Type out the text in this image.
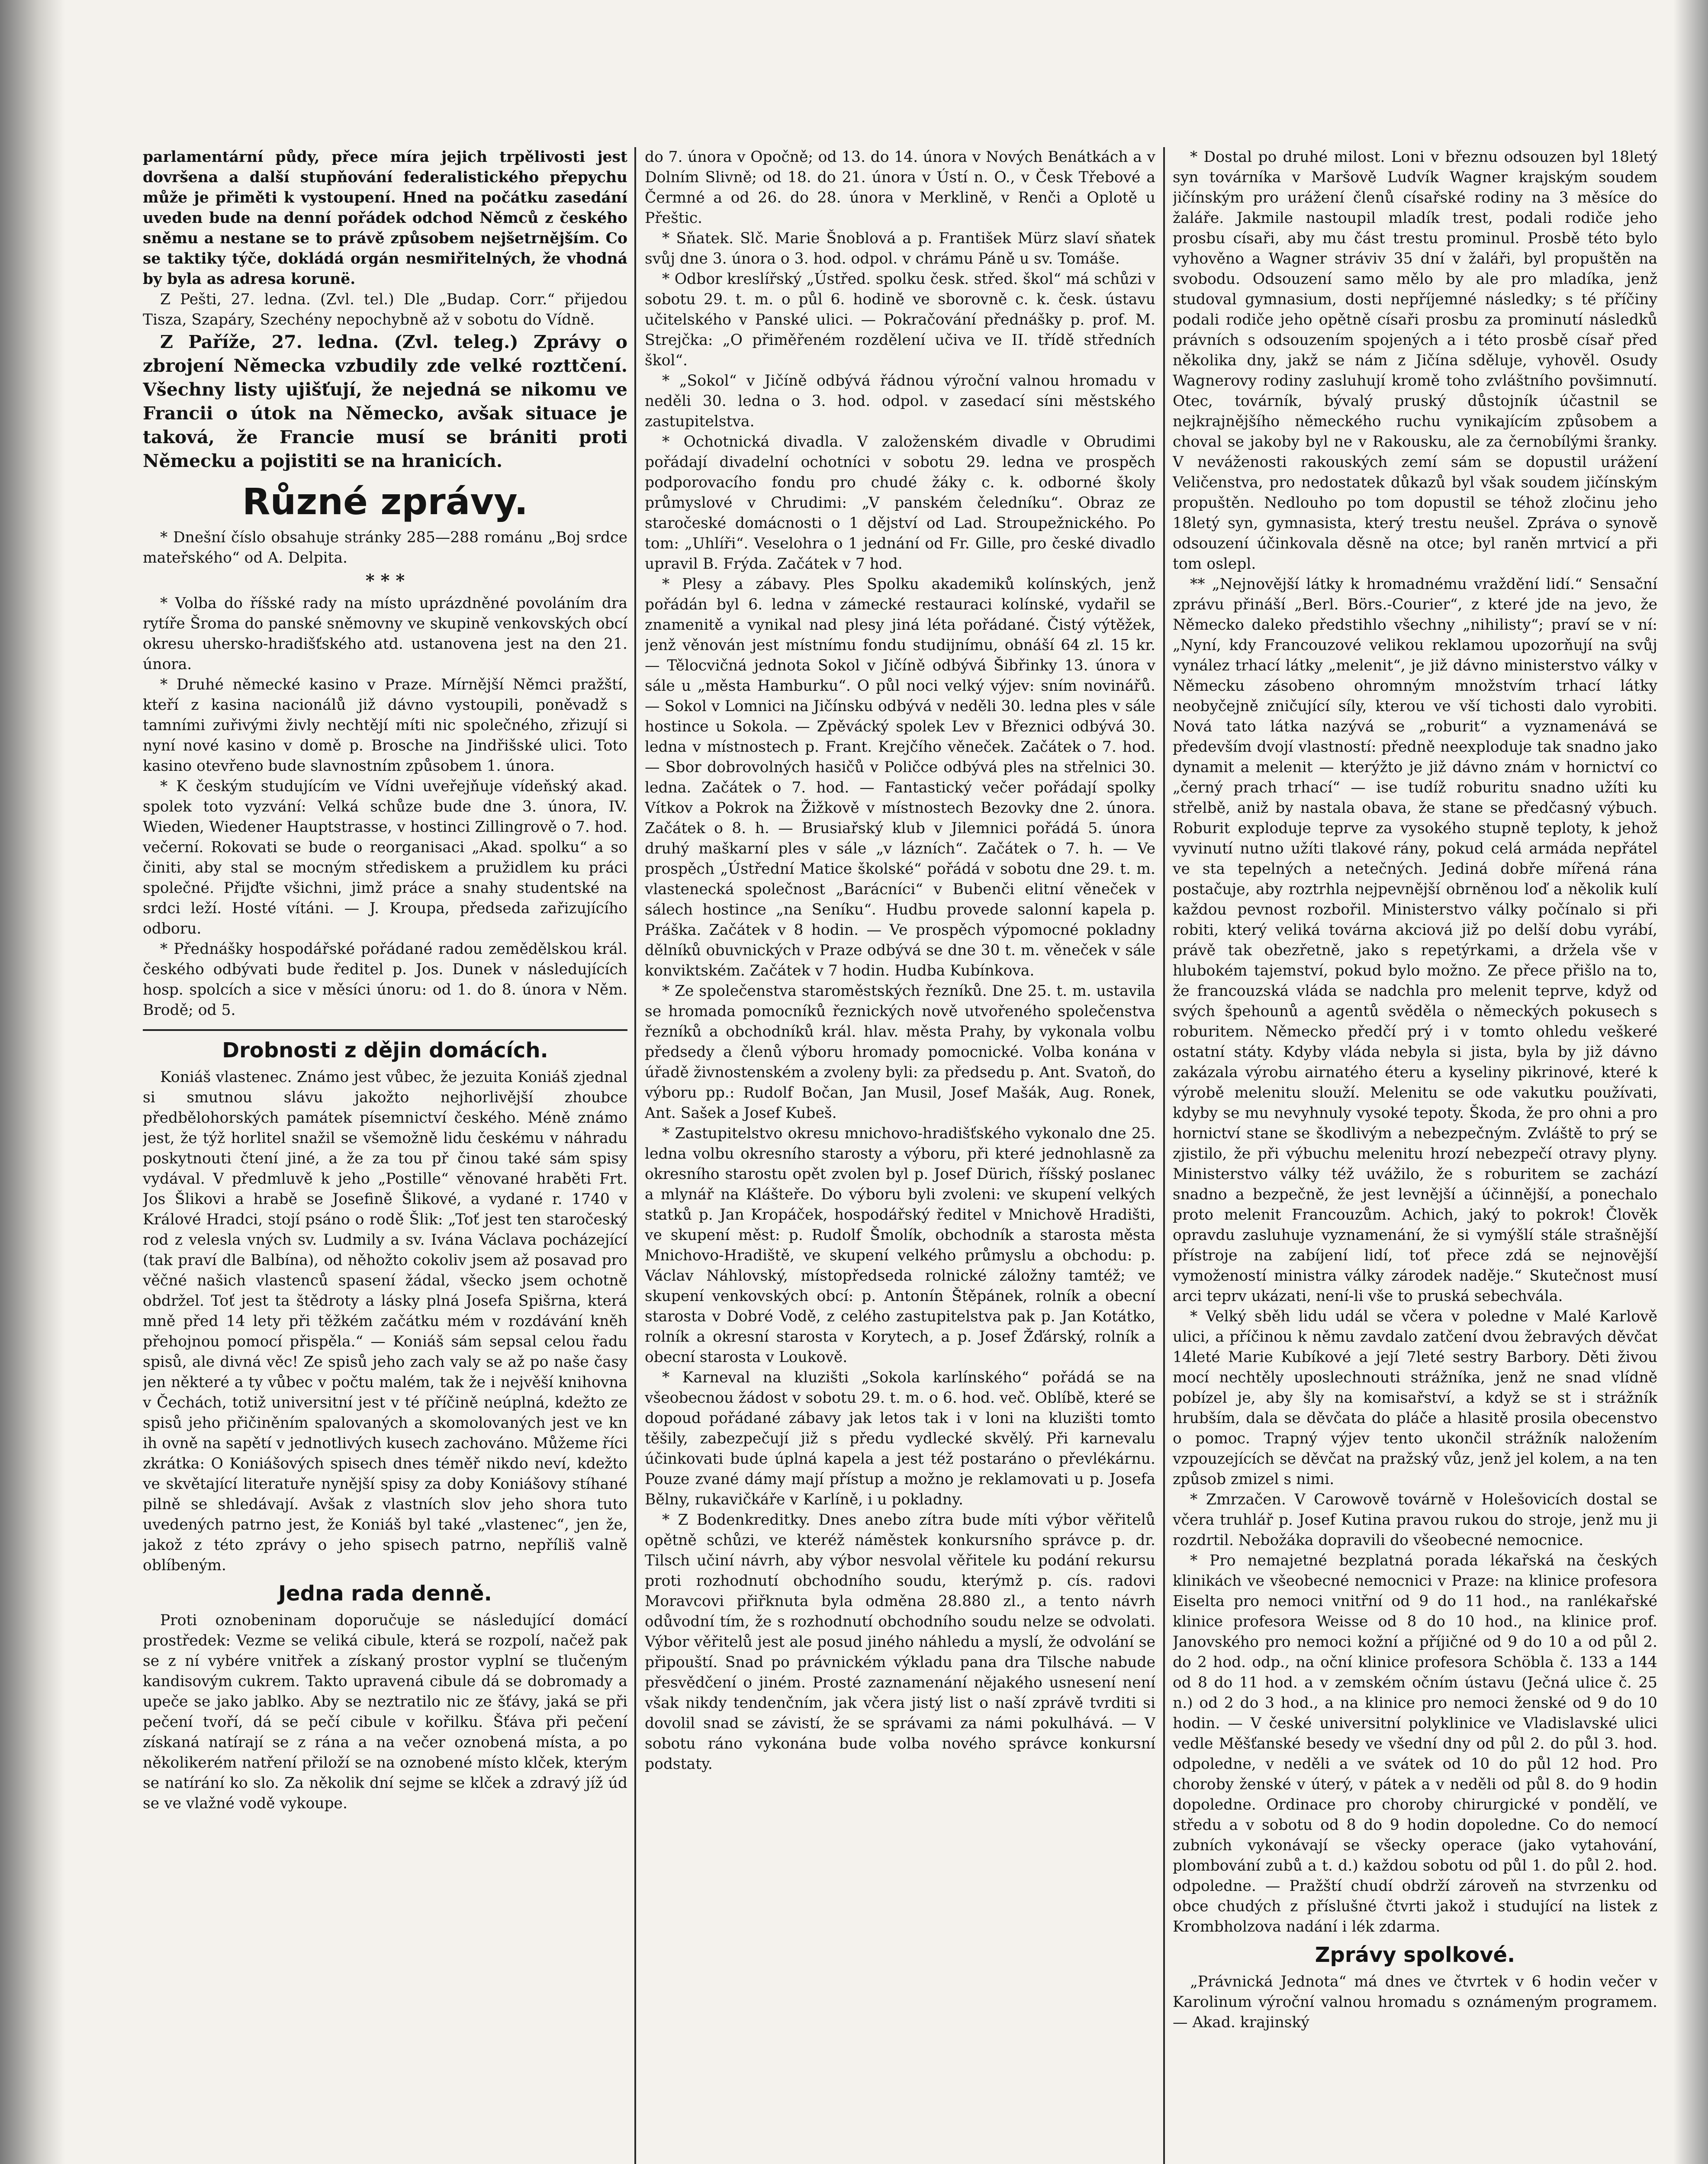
parlamentární půdy, přece míra jejich trpělivosti jest dovršena a další stupňování federalistického přepychu může je přiměti k vystoupení. Hned na počátku zasedání uveden bude na denní pořádek odchod Němců z českého sněmu a nestane se to právě způsobem nejšetrnějším. Co se taktiky týče, dokládá orgán nesmiřitelných, že vhodná by byla as adresa korunë.

Z Pešti, 27. ledna. (Zvl. tel.) Dle „Budap. Corr.“ přijedou Tisza, Szapáry, Szechény nepochybně až v sobotu do Vídně.

Z Paříže, 27. ledna. (Zvl. teleg.) Zprávy o zbrojení Německa vzbudily zde velké rozttčení. Všechny listy ujišťují, že nejedná se nikomu ve Francii o útok na Německo, avšak situace je taková, že Francie musí se brániti proti Německu a pojistiti se na hranicích.

Různé zprávy.

* Dnešní číslo obsahuje stránky 285—288 románu „Boj srdce mateřského“ od A. Delpita.

* * *

* Volba do říšské rady na místo uprázdněné povoláním dra rytíře Šroma do panské sněmovny ve skupině venkovských obcí okresu uhersko-hradišťského atd. ustanovena jest na den 21. února.

* Druhé německé kasino v Praze. Mírnější Němci pražští, kteří z kasina nacionálů již dávno vystoupili, poněvadž s tamními zuřivými živly nechtějí míti nic společného, zřizují si nyní nové kasino v domě p. Brosche na Jindřišské ulici. Toto kasino otevřeno bude slavnostním způsobem 1. února.

* K českým studujícím ve Vídni uveřejňuje vídeňský akad. spolek toto vyzvání: Velká schůze bude dne 3. února, IV. Wieden, Wiedener Hauptstrasse, v hostinci Zillingrově o 7. hod. večerní. Rokovati se bude o reorganisaci „Akad. spolku“ a so činiti, aby stal se mocným střediskem a pružidlem ku práci společné. Přijďte všichni, jimž práce a snahy studentské na srdci leží. Hosté vítáni. — J. Kroupa, předseda zařizujícího odboru.

* Přednášky hospodářské pořádané radou zemědělskou král. českého odbývati bude ředitel p. Jos. Dunek v následujících hosp. spolcích a sice v měsíci únoru: od 1. do 8. února v Něm. Brodě; od 5.

Drobnosti z dějin domácích.

Koniáš vlastenec. Známo jest vůbec, že jezuita Koniáš zjednal si smutnou slávu jakožto nejhorlivější zhoubce předbělohorských památek písemnictví českého. Méně známo jest, že týž horlitel snažil se všemožně lidu českému v náhradu poskytnouti čtení jiné, a že za tou př činou také sám spisy vydával. V předmluvě k jeho „Postille“ věnované hraběti Frt. Jos Šlikovi a hrabě se Josefině Šlikové, a vydané r. 1740 v Králové Hradci, stojí psáno o rodě Šlik: „Toť jest ten staročeský rod z velesla vných sv. Ludmily a sv. Ivána Václava pocházející (tak praví dle Balbína), od něhožto cokoliv jsem až posavad pro věčné našich vlastenců spasení žádal, všecko jsem ochotně obdržel. Toť jest ta štědroty a lásky plná Josefa Spišrna, která mně před 14 lety při těžkém začátku mém v rozdávání kněh přehojnou pomocí přispěla.“ — Koniáš sám sepsal celou řadu spisů, ale divná věc! Ze spisů jeho zach valy se až po naše časy jen některé a ty vůbec v počtu malém, tak že i nejvěší knihovna v Čechách, totiž universitní jest v té příčině neúplná, kdežto ze spisů jeho přičiněním spalovaných a skomolovaných jest ve kn ih ovně na sapětí v jednotlivých kusech zachováno. Můžeme říci zkrátka: O Koniášových spisech dnes téměř nikdo neví, kdežto ve skvětající literatuře nynější spisy za doby Koniášovy stíhané pilně se shledávají. Avšak z vlastních slov jeho shora tuto uvedených patrno jest, že Koniáš byl také „vlastenec“, jen že, jakož z této zprávy o jeho spisech patrno, nepříliš valně oblíbeným.

Jedna rada denně.

Proti oznobeninam doporučuje se následující domácí prostředek: Vezme se veliká cibule, která se rozpolí, načež pak se z ní vybére vnitřek a získaný prostor vyplní se tlučeným kandisovým cukrem. Takto upravená cibule dá se dobromady a upeče se jako jablko. Aby se neztratilo nic ze šťávy, jaká se při pečení tvoří, dá se pečí cibule v kořilku. Šťáva při pečení získaná natírají se z rána a na večer oznobená místa, a po několikerém natření přiloží se na oznobené místo klček, kterým se natírání ko slo. Za několik dní sejme se klček a zdravý jíž úd se ve vlažné vodě vykoupe.

do 7. února v Opočně; od 13. do 14. února v Nových Benátkách a v Dolním Slivně; od 18. do 21. února v Ústí n. O., v Česk Třebové a Čermné a od 26. do 28. února v Merklině, v Renči a Oplotě u Přeštic.

* Sňatek. Slč. Marie Šnoblová a p. František Mürz slaví sňatek svůj dne 3. února o 3. hod. odpol. v chrámu Páně u sv. Tomáše.

* Odbor kreslířský „Ústřed. spolku česk. střed. škol“ má schůzi v sobotu 29. t. m. o půl 6. hodině ve sborovně c. k. česk. ústavu učitelského v Panské ulici. — Pokračování přednášky p. prof. M. Strejčka: „O přiměřeném rozdělení učiva ve II. třídě středních škol“.

* „Sokol“ v Jičíně odbývá řádnou výroční valnou hromadu v neděli 30. ledna o 3. hod. odpol. v zasedací síni městského zastupitelstva.

* Ochotnická divadla. V založenském divadle v Obrudimi pořádají divadelní ochotníci v sobotu 29. ledna ve prospěch podporovacího fondu pro chudé žáky c. k. odborné školy průmyslové v Chrudimi: „V panském čeledníku“. Obraz ze staročeské domácnosti o 1 dějství od Lad. Stroupežnického. Po tom: „Uhlíři“. Veselohra o 1 jednání od Fr. Gille, pro české divadlo upravil B. Frýda. Začátek v 7 hod.

* Plesy a zábavy. Ples Spolku akademiků kolínských, jenž pořádán byl 6. ledna v zámecké restauraci kolínské, vydařil se znamenitě a vynikal nad plesy jiná léta pořádané. Čistý výtěžek, jenž věnován jest místnímu fondu studijnímu, obnáší 64 zl. 15 kr. — Tělocvičná jednota Sokol v Jičíně odbývá Šibřinky 13. února v sále u „města Hamburku“. O půl noci velký výjev: sním novinářů. — Sokol v Lomnici na Jičínsku odbývá v neděli 30. ledna ples v sále hostince u Sokola. — Zpěvácký spolek Lev v Březnici odbývá 30. ledna v místnostech p. Frant. Krejčího věneček. Začátek o 7. hod. — Sbor dobrovolných hasičů v Poličce odbývá ples na střelnici 30. ledna. Začátek o 7. hod. — Fantastický večer pořádají spolky Vítkov a Pokrok na Žižkově v místnostech Bezovky dne 2. února. Začátek o 8. h. — Brusiařský klub v Jilemnici pořádá 5. února druhý maškarní ples v sále „v lázních“. Začátek o 7. h. — Ve prospěch „Ústřední Matice školské“ pořádá v sobotu dne 29. t. m. vlastenecká společnost „Barácníci“ v Bubenči elitní věneček v sálech hostince „na Seníku“. Hudbu provede salonní kapela p. Práška. Začátek v 8 hodin. — Ve prospěch výpomocné pokladny dělníků obuvnických v Praze odbývá se dne 30 t. m. věneček v sále konviktském. Začátek v 7 hodin. Hudba Kubínkova.

* Ze společenstva staroměstských řezníků. Dne 25. t. m. ustavila se hromada pomocníků řeznických nově utvořeného společenstva řezníků a obchodníků král. hlav. města Prahy, by vykonala volbu předsedy a členů výboru hromady pomocnické. Volba konána v úřadě živnostenském a zvoleny byli: za předsedu p. Ant. Svatoň, do výboru pp.: Rudolf Bočan, Jan Musil, Josef Mašák, Aug. Ronek, Ant. Sašek a Josef Kubeš.

* Zastupitelstvo okresu mnichovo-hradišťského vykonalo dne 25. ledna volbu okresního starosty a výboru, při které jednohlasně za okresního starostu opět zvolen byl p. Josef Dürich, říšský poslanec a mlynář na Klášteře. Do výboru byli zvoleni: ve skupení velkých statků p. Jan Kropáček, hospodářský ředitel v Mnichově Hradišti, ve skupení měst: p. Rudolf Šmolík, obchodník a starosta města Mnichovo-Hradiště, ve skupení velkého průmyslu a obchodu: p. Václav Náhlovský, místopředseda rolnické záložny tamtéž; ve skupení venkovských obcí: p. Antonín Štěpánek, rolník a obecní starosta v Dobré Vodě, z celého zastupitelstva pak p. Jan Kotátko, rolník a okresní starosta v Korytech, a p. Josef Žďárský, rolník a obecní starosta v Loukově.

* Karneval na kluzišti „Sokola karlínského“ pořádá se na všeobecnou žádost v sobotu 29. t. m. o 6. hod. več. Oblíbě, které se dopoud pořádané zábavy jak letos tak i v loni na kluzišti tomto těšily, zabezpečují již s předu vydlecké skvělý. Při karnevalu účinkovati bude úplná kapela a jest též postaráno o převlékárnu. Pouze zvané dámy mají přístup a možno je reklamovati u p. Josefa Bělny, rukavičkáře v Karlíně, i u pokladny.

* Z Bodenkreditky. Dnes anebo zítra bude míti výbor věřitelů opětně schůzi, ve kteréž náměstek konkursního správce p. dr. Tilsch učiní návrh, aby výbor nesvolal věřitele ku podání rekursu proti rozhodnutí obchodního soudu, kterýmž p. cís. radovi Moravcovi přiřknuta byla odměna 28.880 zl., a tento návrh odůvodní tím, že s rozhodnutí obchodního soudu nelze se odvolati. Výbor věřitelů jest ale posud jiného náhledu a myslí, že odvolání se připouští. Snad po právnickém výkladu pana dra Tilsche nabude přesvědčení o jiném. Prosté zaznamenání nějakého usnesení není však nikdy tendenčním, jak včera jistý list o naší zprávě tvrditi si dovolil snad se závistí, že se správami za námi pokulhává. — V sobotu ráno vykonána bude volba nového správce konkursní podstaty.

* Dostal po druhé milost. Loni v březnu odsouzen byl 18letý syn továrníka v Maršově Ludvík Wagner krajským soudem jičínským pro urážení členů císařské rodiny na 3 měsíce do žaláře. Jakmile nastoupil mladík trest, podali rodiče jeho prosbu císaři, aby mu část trestu prominul. Prosbě této bylo vyhověno a Wagner stráviv 35 dní v žaláři, byl propuštěn na svobodu. Odsouzení samo mělo by ale pro mladíka, jenž studoval gymnasium, dosti nepříjemné následky; s té příčiny podali rodiče jeho opětně císaři prosbu za prominutí následků právních s odsouzením spojených a i této prosbě císař před několika dny, jakž se nám z Jičína sděluje, vyhověl. Osudy Wagnerovy rodiny zasluhují kromě toho zvláštního povšimnutí. Otec, továrník, bývalý pruský důstojník účastnil se nejkrajnějšího německého ruchu vynikajícím způsobem a choval se jakoby byl ne v Rakousku, ale za černobílými šranky. V neváženosti rakouských zemí sám se dopustil urážení Veličenstva, pro nedostatek důkazů byl však soudem jičínským propuštěn. Nedlouho po tom dopustil se téhož zločinu jeho 18letý syn, gymnasista, který trestu neušel. Zpráva o synově odsouzení účinkovala děsně na otce; byl raněn mrtvicí a při tom oslepl.

** „Nejnovější látky k hromadnému vraždění lidí.“ Sensační zprávu přináší „Berl. Börs.-Courier“, z které jde na jevo, že Německo daleko předstihlo všechny „nihilisty“; praví se v ní: „Nyní, kdy Francouzové velikou reklamou upozorňují na svůj vynález trhací látky „melenit“, je již dávno ministerstvo války v Německu zásobeno ohromným množstvím trhací látky neobyčejně zničující síly, kterou ve vší tichosti dalo vyrobiti. Nová tato látka nazývá se „roburit“ a vyznamenává se především dvojí vlastností: předně neexploduje tak snadno jako dynamit a melenit — kterýžto je již dávno znám v hornictví co „černý prach trhací“ — ise tudíž roburitu snadno užíti ku střelbě, aniž by nastala obava, že stane se předčasný výbuch. Roburit exploduje teprve za vysokého stupně teploty, k jehož vyvinutí nutno užíti tlakové rány, pokud celá armáda nepřátel ve sta tepelných a netečných. Jediná dobře mířená rána postačuje, aby roztrhla nejpevnější obrněnou loď a několik kulí každou pevnost rozbořil. Ministerstvo války počínalo si při robiti, který veliká továrna akciová již po delší dobu vyrábí, právě tak obezřetně, jako s repetýrkami, a držela vše v hlubokém tajemství, pokud bylo možno. Ze přece přišlo na to, že francouzská vláda se nadchla pro melenit teprve, když od svých špehounů a agentů svěděla o německých pokusech s roburitem. Německo předčí prý i v tomto ohledu veškeré ostatní státy. Kdyby vláda nebyla si jista, byla by již dávno zakázala výrobu airnatého éteru a kyseliny pikrinové, které k výrobě melenitu slouží. Melenitu se ode vakutku používati, kdyby se mu nevyhnuly vysoké tepoty. Škoda, že pro ohni a pro hornictví stane se škodlivým a nebezpečným. Zvláště to prý se zjistilo, že při výbuchu melenitu hrozí nebezpečí otravy plyny. Ministerstvo války též uvážilo, že s roburitem se zachází snadno a bezpečně, že jest levnější a účinnější, a ponechalo proto melenit Francouzům. Achich, jaký to pokrok! Člověk opravdu zasluhuje vyznamenání, že si vymýšlí stále strašnější přístroje na zabíjení lidí, toť přece zdá se nejnovější vymožeností ministra války zárodek naděje.“ Skutečnost musí arci teprv ukázati, není-li vše to pruská sebechvála.

* Velký sběh lidu udál se včera v poledne v Malé Karlově ulici, a příčinou k němu zavdalo zatčení dvou žebravých děvčat 14leté Marie Kubíkové a její 7leté sestry Barbory. Děti živou mocí nechtěly uposlechnouti strážníka, jenž ne snad vlídně pobízel je, aby šly na komisařství, a když se st i strážník hrubším, dala se děvčata do pláče a hlasitě prosila obecenstvo o pomoc. Trapný výjev tento ukončil strážník naložením vzpouzejících se děvčat na pražský vůz, jenž jel kolem, a na ten způsob zmizel s nimi.

* Zmrzačen. V Carowově továrně v Holešovicích dostal se včera truhlář p. Josef Kutina pravou rukou do stroje, jenž mu ji rozdrtil. Nebožáka dopravili do všeobecné nemocnice.

* Pro nemajetné bezplatná porada lékařská na českých klinikách ve všeobecné nemocnici v Praze: na klinice profesora Eiselta pro nemoci vnitřní od 9 do 11 hod., na ranlékařské klinice profesora Weisse od 8 do 10 hod., na klinice prof. Janovského pro nemoci kožní a příjičné od 9 do 10 a od půl 2. do 2 hod. odp., na oční klinice profesora Schöbla č. 133 a 144 od 8 do 11 hod. a v zemském očním ústavu (Ječná ulice č. 25 n.) od 2 do 3 hod., a na klinice pro nemoci ženské od 9 do 10 hodin. — V české universitní polyklinice ve Vladislavské ulici vedle Měšťanské besedy ve všední dny od půl 2. do půl 3. hod. odpoledne, v neděli a ve svátek od 10 do půl 12 hod. Pro choroby ženské v úterý, v pátek a v neděli od půl 8. do 9 hodin dopoledne. Ordinace pro choroby chirurgické v pondělí, ve středu a v sobotu od 8 do 9 hodin dopoledne. Co do nemocí zubních vykonávají se všecky operace (jako vytahování, plombování zubů a t. d.) každou sobotu od půl 1. do půl 2. hod. odpoledne. — Pražští chudí obdrží zároveň na stvrzenku od obce chudých z příslušné čtvrti jakož i studující na listek z Krombholzova nadání i lék zdarma.

Zprávy spolkové.

„Právnická Jednota“ má dnes ve čtvrtek v 6 hodin večer v Karolinum výroční valnou hromadu s oznámeným programem. — Akad. krajinský
